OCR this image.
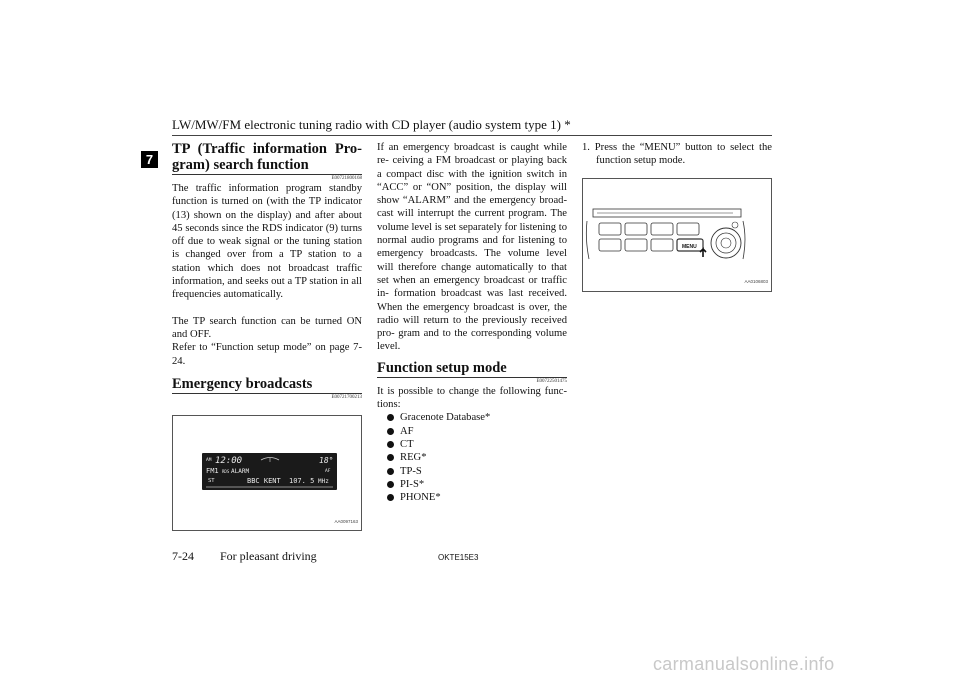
LW/MW/FM electronic tuning radio with CD player (audio system type 1) *
7
TP (Traffic information Pro- gram) search function
E00721800168

The traffic information program standby function is turned on (with the TP indicator (13) shown on the display) and after about 45 seconds since the RDS indicator (9) turns off due to weak signal or the tuning station is changed over from a TP station to a station which does not broadcast traffic information, and seeks out a TP station in all frequencies automatically.

The TP search function can be turned ON and OFF.

Refer to “Function setup mode” on page 7-24.

Emergency broadcasts
E00721700213
AM 12:00	18°
FM1 RDS ALARM	AF
ST	BBC KENT 107. 5 MHz
AA0097163

If an emergency broadcast is caught while re- ceiving a FM broadcast or playing back a compact disc with the ignition switch in “ACC” or “ON” position, the display will show “ALARM” and the emergency broad- cast will interrupt the current program. The volume level is set separately for listening to normal audio programs and for listening to emergency broadcasts. The volume level will therefore change automatically to that set when an emergency broadcast or traffic in- formation broadcast was last received. When the emergency broadcast is over, the radio will return to the previously received pro- gram and to the corresponding volume level.

Function setup mode
E00722501475

It is possible to change the following func- tions:

Gracenote Database*
AF
CT
REG*
TP-S
PI-S*
PHONE*

1. Press the “MENU” button to select the function setup mode.

MENU
AA0106803
7-24 For pleasant driving	OKTE15E3
carmanualsonline.info
